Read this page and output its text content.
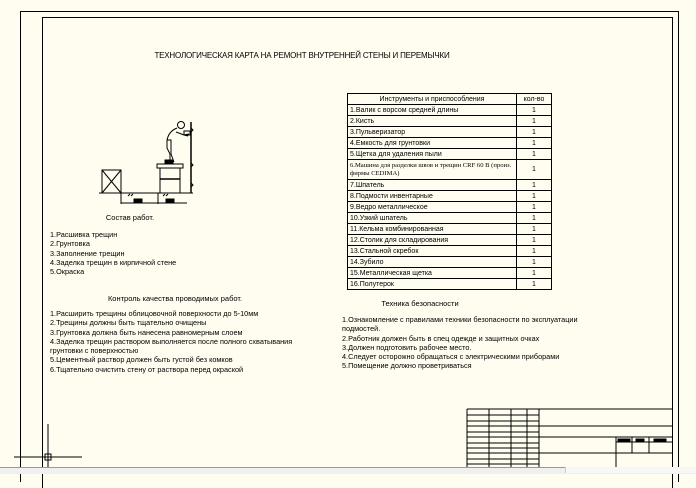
ТЕХНОЛОГИЧЕСКАЯ КАРТА НА РЕМОНТ ВНУТРЕННЕЙ СТЕНЫ И ПЕРЕМЫЧКИ
Состав работ.
1.Расшивка трещин
2.Грунтовка
3.Заполнение трещин
4.Заделка трещин в кирпичной стене
5.Окраска
Контроль качества проводимых работ.
1.Расширить трещины облицовочной поверхности до 5-10мм
2.Трещины должны быть тщательно очищены
3.Грунтовка должна быть нанесена равномерным слоем
4.Заделка трещин раствором выполняется после полного схватывания
грунтовки с поверхностью
5.Цементный раствор должен быть густой без комков
6.Тщательно очистить стену от раствора перед окраской
Инструменты и приспособления	кол-во
1.Валик с ворсом средней длины	1
2.Кисть	1
3.Пульверизатор	1
4.Емкость для грунтовки	1
5.Щетка для удаления пыли	1
6.Машина для разделки швов и трещин CRF 60 B (произ. фирмы CEDIMA)	1
7.Шпатель	1
8.Подмости инвентарные	1
9.Ведро металлическое	1
10.Узкий шпатель	1
11.Кельма комбинированная	1
12.Столик для складирования	1
13.Стальной скребок	1
14.Зубило	1
15.Металлическая щетка	1
16.Полутерок	1
Техника безопасности
1.Ознакомление с правилами техники безопасности по эксплуатации
подмостей.
2.Работник должен быть в спец одежде и защитных очках
3.Должен подготовить рабочее место.
4.Следует осторожно обращаться с электрическими приборами
5.Помещение должно проветриваться
